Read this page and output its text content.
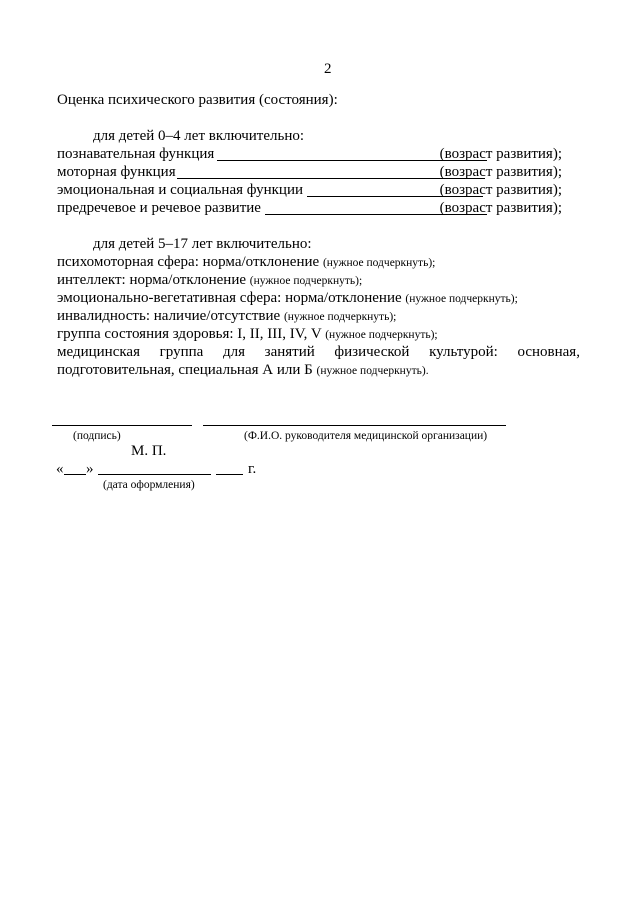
2
Оценка психического развития (состояния):
для детей 0–4 лет включительно:
познавательная функция	(возраст развития);
моторная функция	(возраст развития);
эмоциональная и социальная функции	(возраст развития);
предречевое и речевое развитие	(возраст развития);
для детей 5–17 лет включительно:
психомоторная сфера: норма/отклонение (нужное подчеркнуть);
интеллект: норма/отклонение (нужное подчеркнуть);
эмоционально-вегетативная сфера: норма/отклонение (нужное подчеркнуть);
инвалидность: наличие/отсутствие (нужное подчеркнуть);
группа состояния здоровья: I, II, III, IV, V (нужное подчеркнуть);
медицинская группа для занятий физической культурой: основная,
подготовительная, специальная А или Б (нужное подчеркнуть).
(подпись)	(Ф.И.О. руководителя медицинской организации)
М. П.
« »	г.
(дата оформления)
